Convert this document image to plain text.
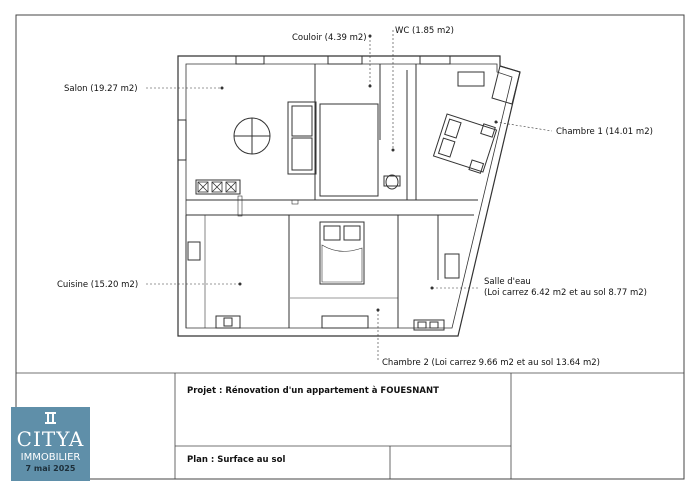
Couloir (4.39 m2)
WC (1.85 m2)
Salon (19.27 m2)
Chambre 1 (14.01 m2)
Cuisine (15.20 m2)	Salle d'eau
(Loi carrez 6.42 m2 et au sol 8.77 m2)
Chambre 2 (Loi carrez 9.66 m2 et au sol 13.64 m2)
Projet : Rénovation d'un appartement à FOUESNANT
Plan : Surface au sol
CITYA
IMMOBILIER
7 mai 2025
